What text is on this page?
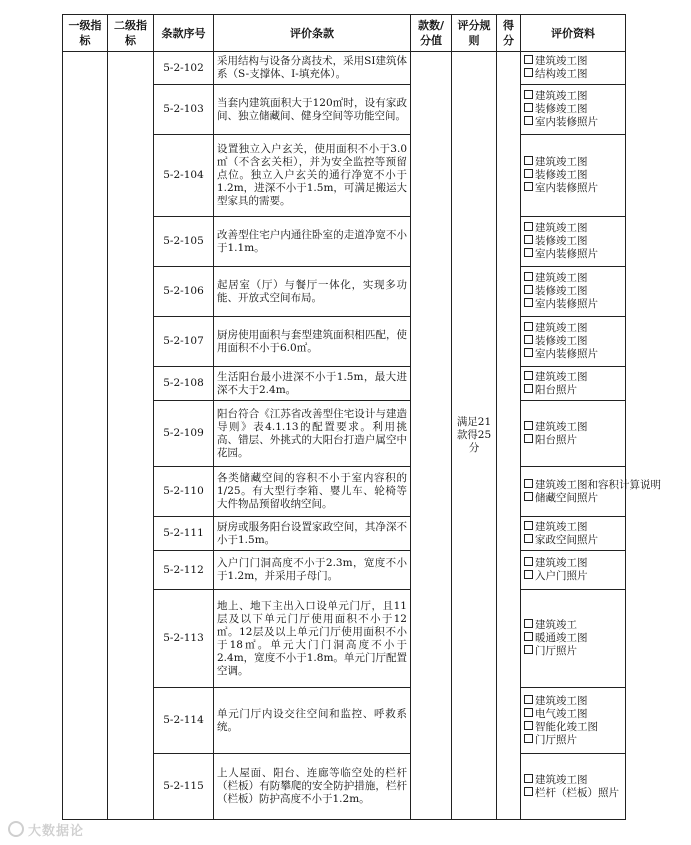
一级指标	二级指标	条款序号	评价条款	款数/分值	评分规则	得分	评价资料
		5-2-102	采用结构与设备分离技术，采用SI建筑体系（S-支撑体、I-填充体）。		满足21款得25分		建筑竣工图
结构竣工图

		5-2-103	当套内建筑面积大于120㎡时，设有家政间、独立储藏间、健身空间等功能空间。				建筑竣工图
装修竣工图
室内装修照片

		5-2-104	设置独立入户玄关，使用面积不小于3.0㎡（不含玄关柜），并为安全监控等预留点位。独立入户玄关的通行净宽不小于1.2m，进深不小于1.5m，可满足搬运大型家具的需要。				建筑竣工图
装修竣工图
室内装修照片

		5-2-105	改善型住宅户内通往卧室的走道净宽不小于1.1m。				建筑竣工图
装修竣工图
室内装修照片

		5-2-106	起居室（厅）与餐厅一体化，实现多功能、开放式空间布局。				建筑竣工图
装修竣工图
室内装修照片

		5-2-107	厨房使用面积与套型建筑面积相匹配，使用面积不小于6.0㎡。				建筑竣工图
装修竣工图
室内装修照片

		5-2-108	生活阳台最小进深不小于1.5m，最大进深不大于2.4m。				建筑竣工图
阳台照片

		5-2-109	阳台符合《江苏省改善型住宅设计与建造导则》表4.1.13的配置要求。利用挑高、错层、外挑式的大阳台打造户属空中花园。				建筑竣工图
阳台照片

		5-2-110	各类储藏空间的容积不小于室内容积的1/25。有大型行李箱、婴儿车、轮椅等大件物品预留收纳空间。				建筑竣工图和容积计算说明
储藏空间照片

		5-2-111	厨房或服务阳台设置家政空间，其净深不小于1.5m。				建筑竣工图
家政空间照片

		5-2-112	入户门门洞高度不小于2.3m，宽度不小于1.2m，并采用子母门。				建筑竣工图
入户门照片

		5-2-113	地上、地下主出入口设单元门厅，且11层及以下单元门厅使用面积不小于12㎡。12层及以上单元门厅使用面积不小于18㎡。单元大门门洞高度不小于2.4m，宽度不小于1.8m。单元门厅配置空调。				建筑竣工
暖通竣工图
门厅照片

		5-2-114	单元门厅内设交往空间和监控、呼救系统。				建筑竣工图
电气竣工图
智能化竣工图
门厅照片

		5-2-115	上人屋面、阳台、连廊等临空处的栏杆（栏板）有防攀爬的安全防护措施，栏杆（栏板）防护高度不小于1.2m。				建筑竣工图
栏杆（栏板）照片
大数据论
